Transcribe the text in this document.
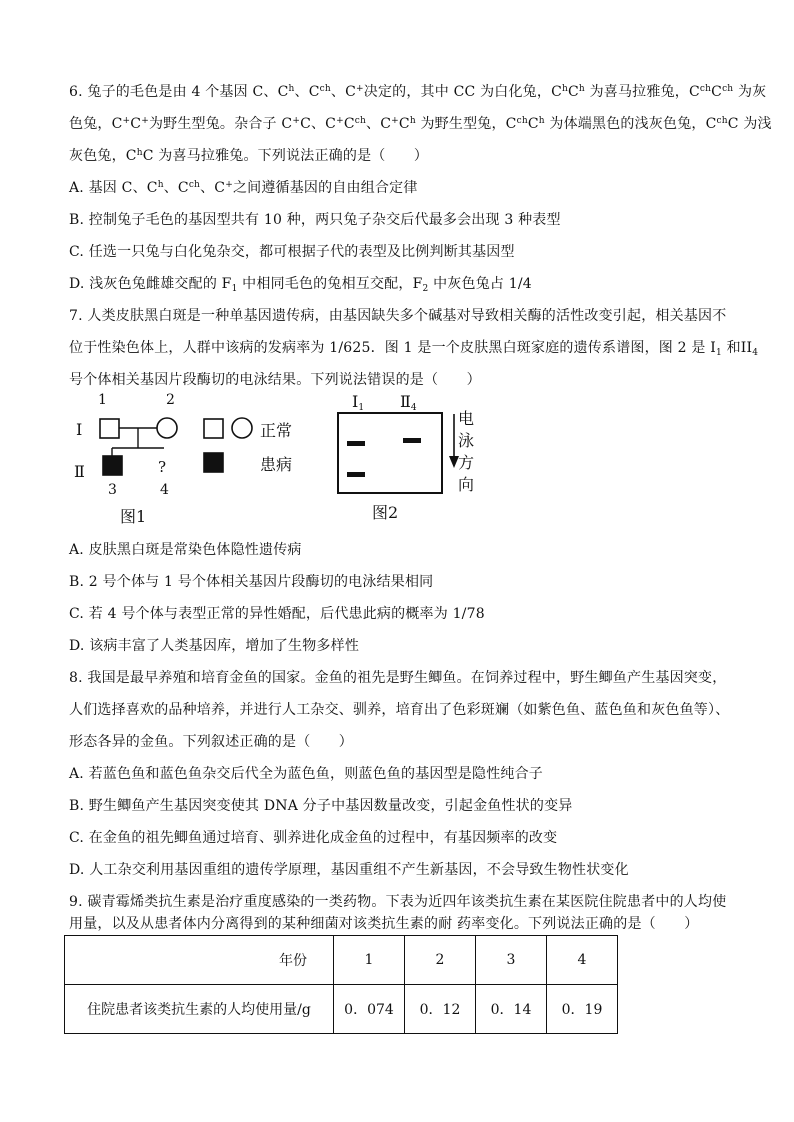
6. 兔子的毛色是由 4 个基因 C、$C^h$、$C^{ch}$、C+决定的，其中 CC 为白化兔，$C^hC^h$ 为喜马拉雅兔，$C^{ch}C^{ch}$ 为灰
色兔，C+C+为野生型兔。杂合子 C+C、$C^+C^{ch}$、$C^+C^h$ 为野生型兔，$C^{ch}C^h$ 为体端黑色的浅灰色兔，$C^{ch}C$ 为浅
灰色兔，$C^hC$ 为喜马拉雅兔。下列说法正确的是（　　）
A. 基因 C、$C^h$、$C^{ch}$、C+之间遵循基因的自由组合定律
B. 控制兔子毛色的基因型共有 10 种，两只兔子杂交后代最多会出现 3 种表型
C. 任选一只兔与白化兔杂交，都可根据子代的表型及比例判断其基因型
D. 浅灰色兔雌雄交配的 $F_1$ 中相同毛色的兔相互交配，$F_2$ 中灰色兔占 1/4
7. 人类皮肤黑白斑是一种单基因遗传病，由基因缺失多个碱基对导致相关酶的活性改变引起，相关基因不
位于性染色体上，人群中该病的发病率为 1/625．图 1 是一个皮肤黑白斑家庭的遗传系谱图，图 2 是 $I_1$ 和$II_4$
号个体相关基因片段酶切的电泳结果。下列说法错误的是（　　）
1	2
Ⅰ
Ⅱ	?
3	4
正常
患病
图1
$I_1$ $Ⅱ_4$
电
泳
方
向
图2
A. 皮肤黑白斑是常染色体隐性遗传病
B. 2 号个体与 1 号个体相关基因片段酶切的电泳结果相同
C. 若 4 号个体与表型正常的异性婚配，后代患此病的概率为 1/78
D. 该病丰富了人类基因库，增加了生物多样性
8. 我国是最早养殖和培育金鱼的国家。金鱼的祖先是野生鲫鱼。在饲养过程中，野生鲫鱼产生基因突变，
人们选择喜欢的品种培养，并进行人工杂交、驯养，培育出了色彩斑斓（如紫色鱼、蓝色鱼和灰色鱼等）、
形态各异的金鱼。下列叙述正确的是（　　）
A. 若蓝色鱼和蓝色鱼杂交后代全为蓝色鱼，则蓝色鱼的基因型是隐性纯合子
B. 野生鲫鱼产生基因突变使其 DNA 分子中基因数量改变，引起金鱼性状的变异
C. 在金鱼的祖先鲫鱼通过培育、驯养进化成金鱼的过程中，有基因频率的改变
D. 人工杂交利用基因重组的遗传学原理，基因重组不产生新基因，不会导致生物性状变化
9. 碳青霉烯类抗生素是治疗重度感染的一类药物。下表为近四年该类抗生素在某医院住院患者中的人均使
用量，以及从患者体内分离得到的某种细菌对该类抗生素的耐 药率变化。下列说法正确的是（　　）
年份	1	2	3	4
住院患者该类抗生素的人均使用量/g	0．074	0．12	0．14	0．19
